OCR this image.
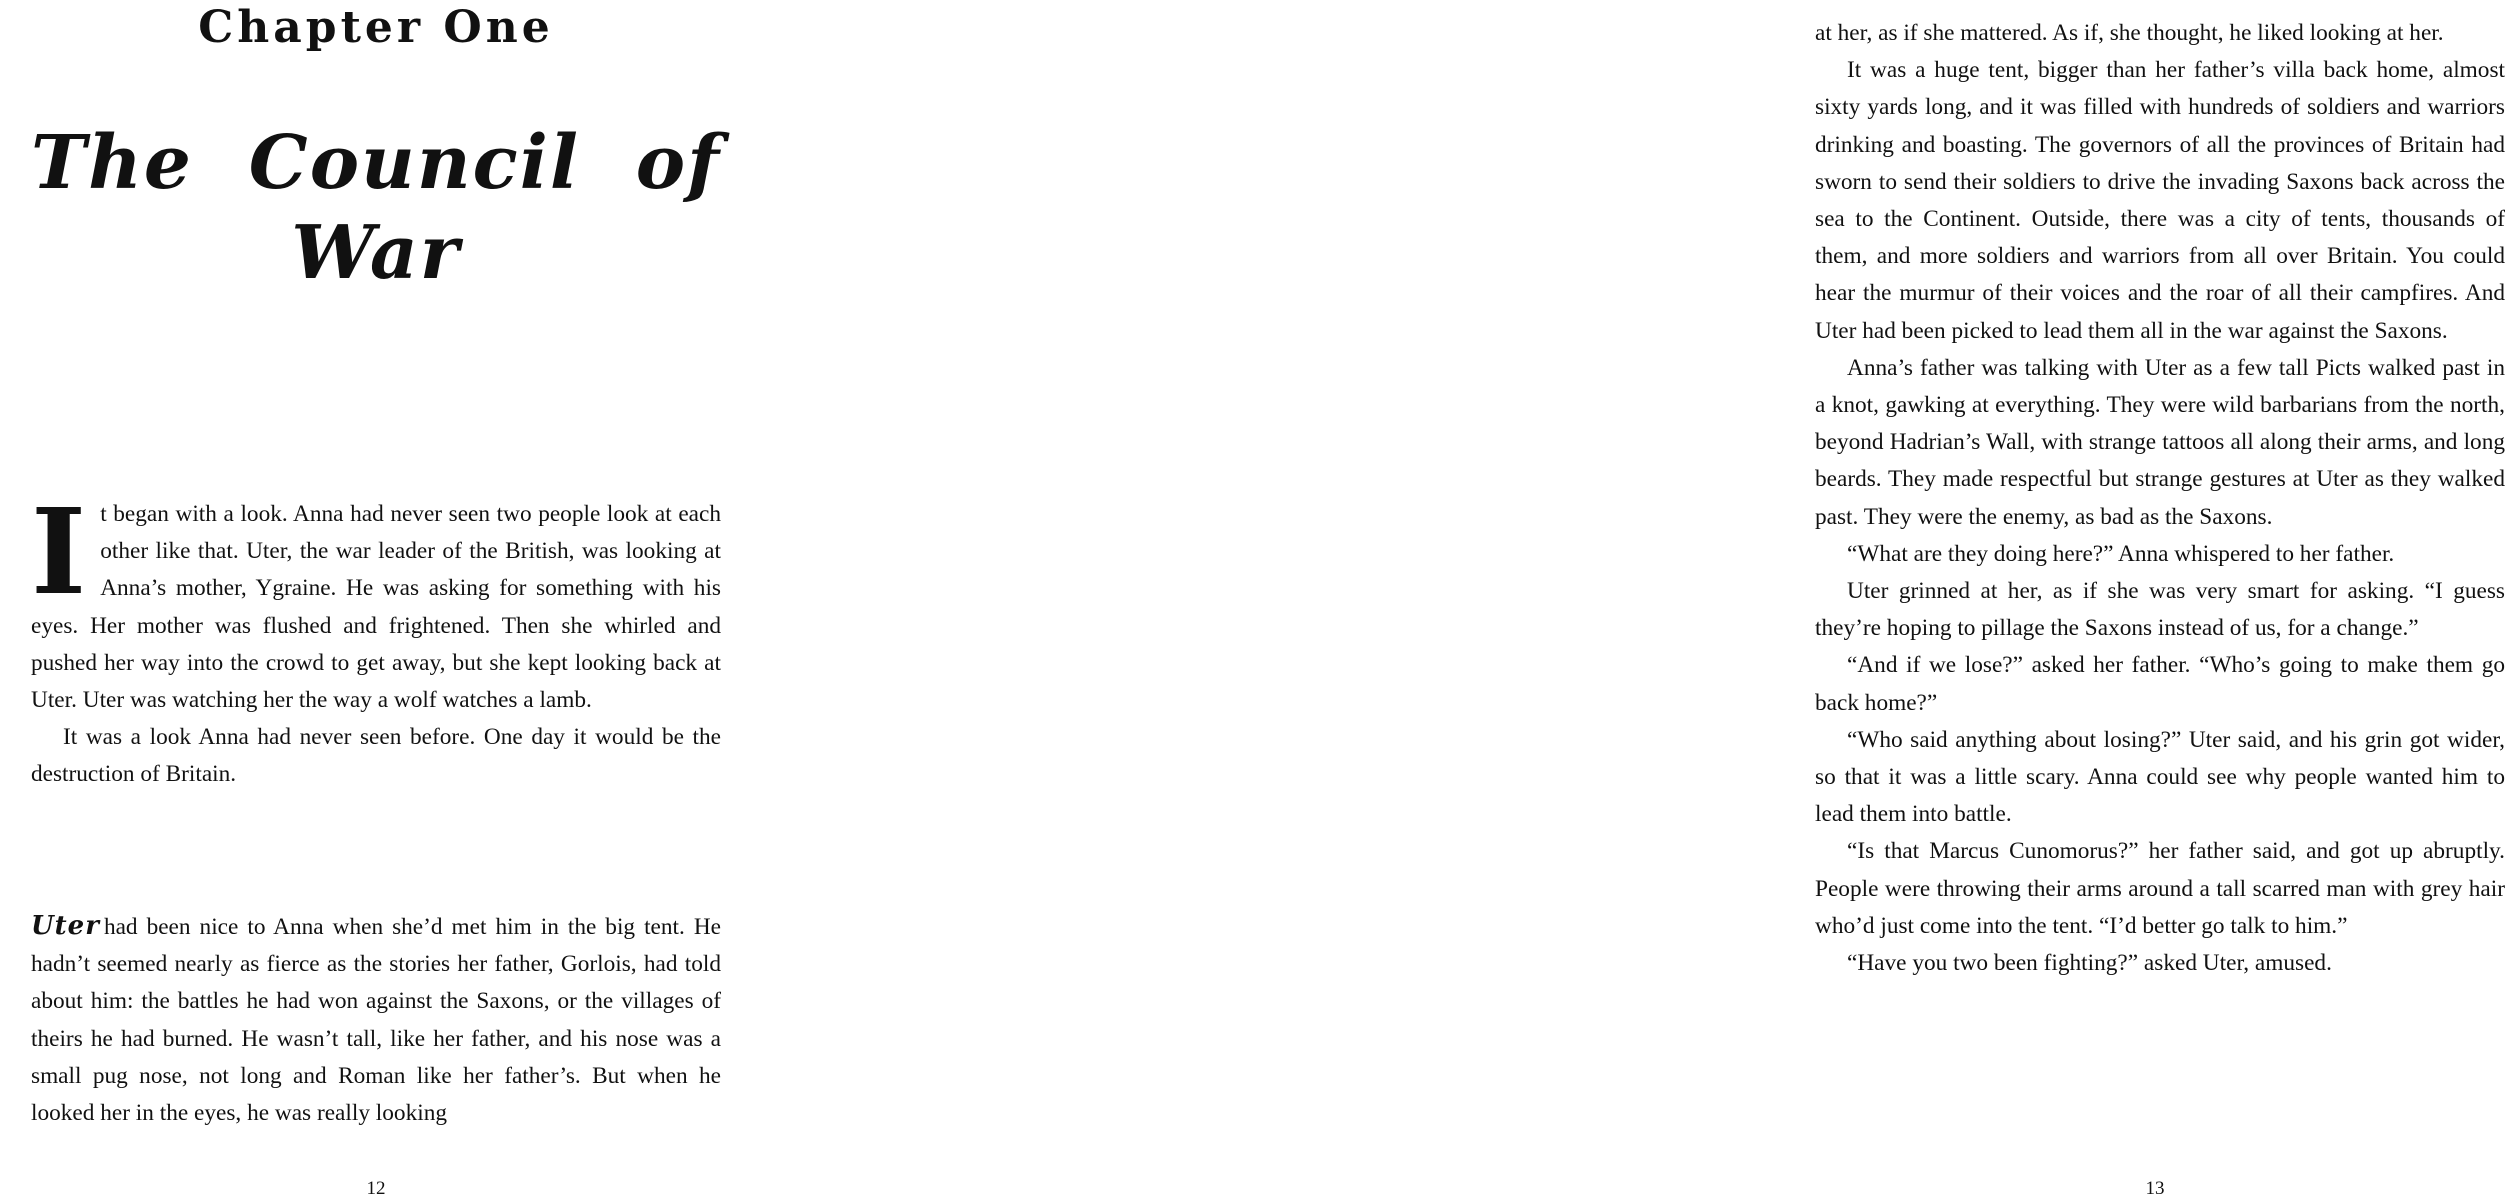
Chapter One
The Council of
War

It began with a look. Anna had never seen two people look at each other like that. Uter, the war leader of the British, was looking at Anna’s mother, Ygraine. He was asking for something with his eyes. Her mother was flushed and frightened. Then she whirled and pushed her way into the crowd to get away, but she kept looking back at Uter. Uter was watching her the way a wolf watches a lamb.

It was a look Anna had never seen before. One day it would be the destruction of Britain.

Uter had been nice to Anna when she’d met him in the big tent. He hadn’t seemed nearly as fierce as the stories her father, Gorlois, had told about him: the battles he had won against the Saxons, or the villages of theirs he had burned. He wasn’t tall, like her father, and his nose was a small pug nose, not long and Roman like her father’s. But when he looked her in the eyes, he was really looking

12

at her, as if she mattered. As if, she thought, he liked looking at her.

It was a huge tent, bigger than her father’s villa back home, almost sixty yards long, and it was filled with hundreds of soldiers and warriors drinking and boasting. The governors of all the provinces of Britain had sworn to send their soldiers to drive the invading Saxons back across the sea to the Continent. Outside, there was a city of tents, thousands of them, and more soldiers and warriors from all over Britain. You could hear the murmur of their voices and the roar of all their campfires. And Uter had been picked to lead them all in the war against the Saxons.

Anna’s father was talking with Uter as a few tall Picts walked past in a knot, gawking at everything. They were wild barbarians from the north, beyond Hadrian’s Wall, with strange tattoos all along their arms, and long beards. They made respectful but strange gestures at Uter as they walked past. They were the enemy, as bad as the Saxons.

“What are they doing here?” Anna whispered to her father.

Uter grinned at her, as if she was very smart for asking. “I guess they’re hoping to pillage the Saxons instead of us, for a change.”

“And if we lose?” asked her father. “Who’s going to make them go back home?”

“Who said anything about losing?” Uter said, and his grin got wider, so that it was a little scary. Anna could see why people wanted him to lead them into battle.

“Is that Marcus Cunomorus?” her father said, and got up abruptly. People were throwing their arms around a tall scarred man with grey hair who’d just come into the tent. “I’d better go talk to him.”

“Have you two been fighting?” asked Uter, amused.

13
